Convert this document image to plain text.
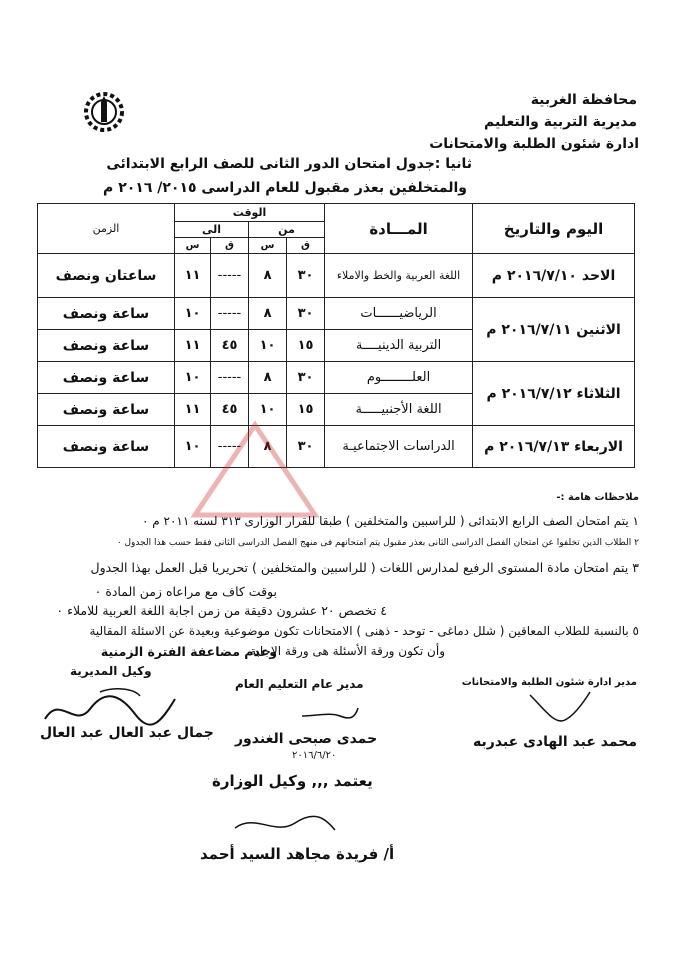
محافظة الغربية
مديرية التربية والتعليم
ادارة شئون الطلبة والامتحانات
ثانيا :جدول امتحان الدور الثانى للصف الرابع الابتدائى
والمتخلفين بعذر مقبول للعام الدراسى ٢٠١٥/ ٢٠١٦ م
اليوم والتاريخ	المـــادة	الوقت				الزمن
		من		الى		
		ق	س	ق	س	
الاحد ٢٠١٦/٧/١٠ م	اللغة العربية والخط والاملاء	٣٠	٨	-----	١١	ساعتان ونصف
الاثنين ٢٠١٦/٧/١١ م	الرياضيــــــات	٣٠	٨	-----	١٠	ساعة ونصف
	التربية الدينيــــة	١٥	١٠	٤٥	١١	ساعة ونصف
الثلاثاء ٢٠١٦/٧/١٢ م	العلــــــــوم	٣٠	٨	-----	١٠	ساعة ونصف
	اللغة الأجنبيـــــة	١٥	١٠	٤٥	١١	ساعة ونصف
الاربعاء ٢٠١٦/٧/١٣ م	الدراسات الاجتماعيـة	٣٠	٨	-----	١٠	ساعة ونصف
ملاحظات هامة :-
١ يتم امتحان الصف الرابع الابتدائى ( للراسبين والمتخلفين ) طبقا للقرار الوزارى ٣١٣ لسنه ٢٠١١ م ٠
٢ الطلاب الذين تخلفوا عن امتحان الفصل الدراسى الثانى بعذر مقبول يتم امتحانهم فى منهج الفصل الدراسى الثانى فقط حسب هذا الجدول ٠
٣ يتم امتحان مادة المستوى الرفيع لمدارس اللغات ( للراسبين والمتخلفين ) تحريريا قبل العمل بهذا الجدول
بوقت كاف مع مراعاه زمن المادة ٠
٤ تخصص ٢٠ عشرون دقيقة من زمن اجابة اللغة العربية للاملاء ٠
٥ بالنسبة للطلاب المعاقين ( شلل دماغى - توحد - ذهنى ) الامتحانات تكون موضوعية وبعيدة عن الاسئلة المقالية
وأن تكون ورقة الأسئلة هى ورقة الاجابة
وعدم مضاعفة الفترة الزمنية
مدير ادارة شئون الطلبة والامتحانات
مدير عام التعليم العام
وكيل المديرية
محمد عبد الهادى عبدربه
حمدى صبحى الغندور
جمال عبد العال عبد العال
٢٠١٦/٦/٢٠
يعتمد ,,, وكيل الوزارة
أ/ فريدة مجاهد السيد أحمد
